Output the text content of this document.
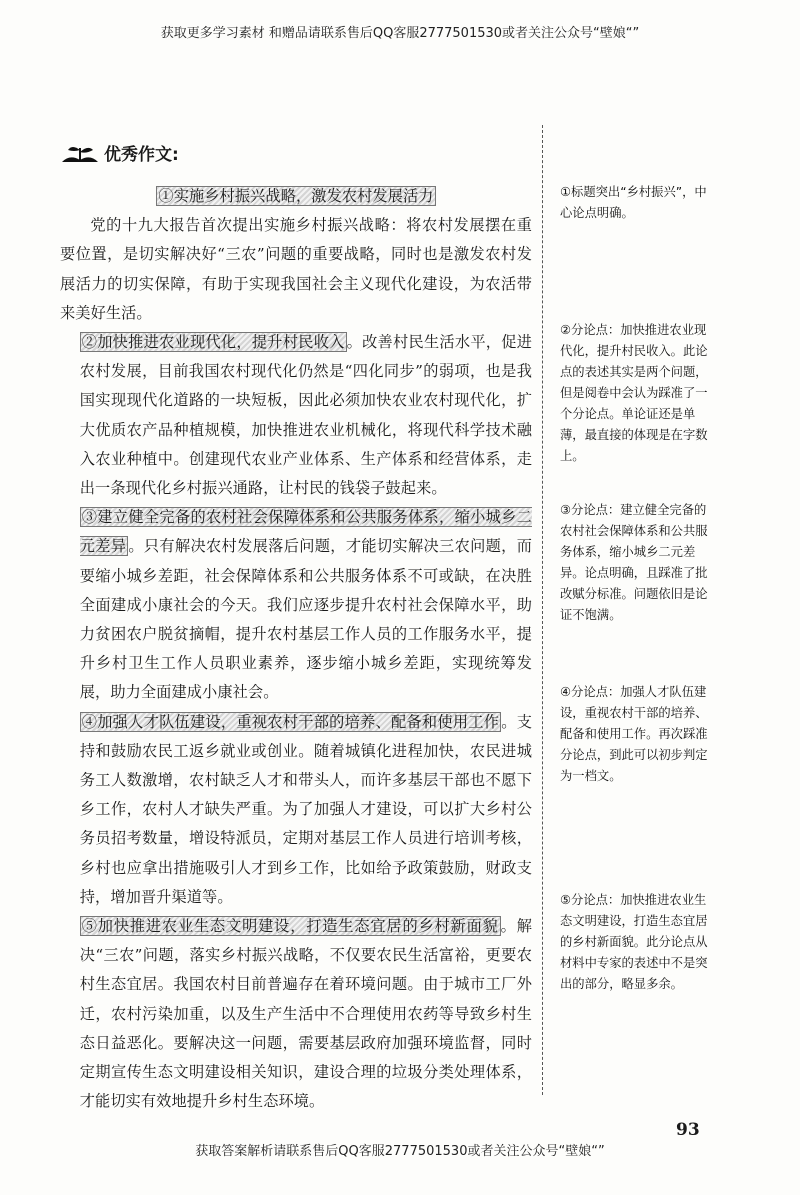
获取更多学习素材 和赠品请联系售后QQ客服2777501530或者关注公众号“壁娘“”
优秀作文:

①实施乡村振兴战略，激发农村发展活力

党的十九大报告首次提出实施乡村振兴战略：将农村发展摆在重要位置，是切实解决好“三农”问题的重要战略，同时也是激发农村发展活力的切实保障，有助于实现我国社会主义现代化建设，为农活带来美好生活。

②加快推进农业现代化，提升村民收入 。改善村民生活水平，促进农村发展，目前我国农村现代化仍然是“四化同步”的弱项，也是我国实现现代化道路的一块短板，因此必须加快农业农村现代化，扩大优质农产品种植规模，加快推进农业机械化，将现代科学技术融入农业种植中。创建现代农业产业体系、生产体系和经营体系，走出一条现代化乡村振兴通路，让村民的钱袋子鼓起来。

③建立健全完备的农村社会保障体系和公共服务体系，缩小城乡二元差异 。只有解决农村发展落后问题，才能切实解决三农问题，而要缩小城乡差距，社会保障体系和公共服务体系不可或缺，在决胜全面建成小康社会的今天。我们应逐步提升农村社会保障水平，助力贫困农户脱贫摘帽，提升农村基层工作人员的工作服务水平，提升乡村卫生工作人员职业素养，逐步缩小城乡差距，实现统筹发展，助力全面建成小康社会。

④加强人才队伍建设，重视农村干部的培养、配备和使用工作 。支持和鼓励农民工返乡就业或创业。随着城镇化进程加快，农民进城务工人数激增，农村缺乏人才和带头人，而许多基层干部也不愿下乡工作，农村人才缺失严重。为了加强人才建设，可以扩大乡村公务员招考数量，增设特派员，定期对基层工作人员进行培训考核，乡村也应拿出措施吸引人才到乡工作，比如给予政策鼓励，财政支持，增加晋升渠道等。

⑤加快推进农业生态文明建设，打造生态宜居的乡村新面貌 。解决“三农”问题，落实乡村振兴战略，不仅要农民生活富裕，更要农村生态宜居。我国农村目前普遍存在着环境问题。由于城市工厂外迁，农村污染加重，以及生产生活中不合理使用农药等导致乡村生态日益恶化。要解决这一问题，需要基层政府加强环境监督，同时定期宣传生态文明建设相关知识，建设合理的垃圾分类处理体系，才能切实有效地提升乡村生态环境。

①标题突出“乡村振兴”，中心论点明确。
②分论点：加快推进农业现代化，提升村民收入。此论点的表述其实是两个问题，但是阅卷中会认为踩准了一个分论点。单论证还是单薄，最直接的体现是在字数上。
③分论点：建立健全完备的农村社会保障体系和公共服务体系，缩小城乡二元差异。论点明确，且踩准了批改赋分标准。问题依旧是论证不饱满。
④分论点：加强人才队伍建设，重视农村干部的培养、配备和使用工作。再次踩准分论点，到此可以初步判定为一档文。
⑤分论点：加快推进农业生态文明建设，打造生态宜居的乡村新面貌。此分论点从材料中专家的表述中不是突出的部分，略显多余。
93
获取答案解析请联系售后QQ客服2777501530或者关注公众号“壁娘“”
